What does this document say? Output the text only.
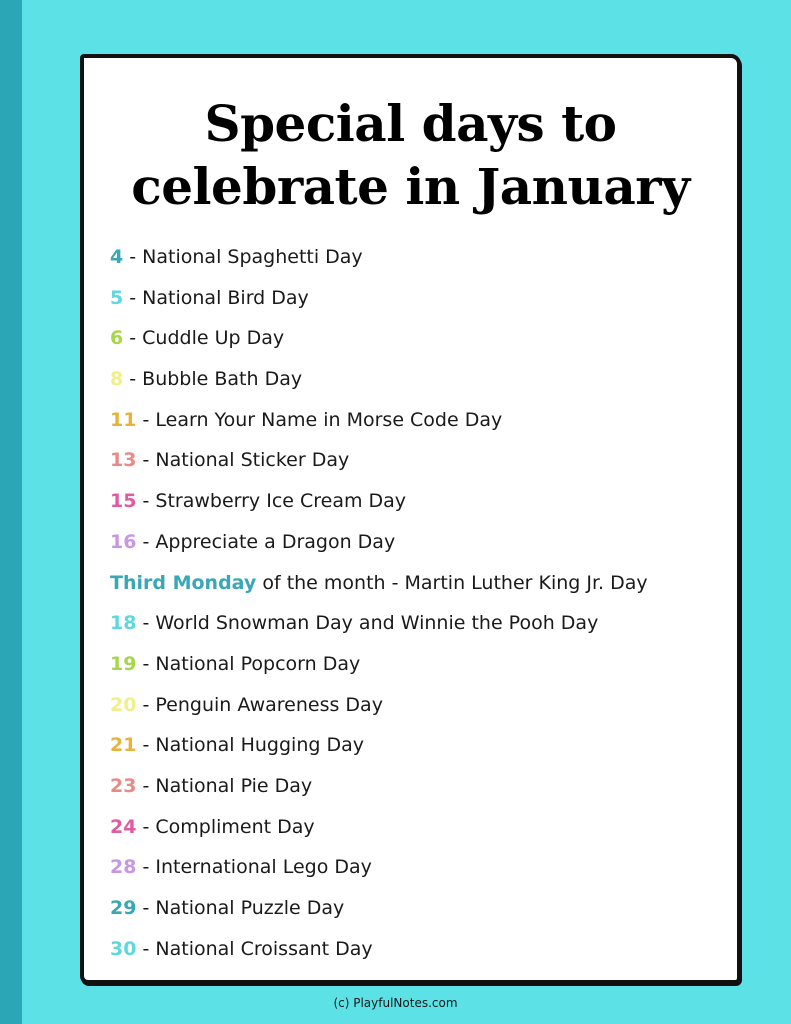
Special days to
celebrate in January
4 - National Spaghetti Day
5 - National Bird Day
6 - Cuddle Up Day
8 - Bubble Bath Day
11 - Learn Your Name in Morse Code Day
13 - National Sticker Day
15 - Strawberry Ice Cream Day
16 - Appreciate a Dragon Day
Third Monday of the month - Martin Luther King Jr. Day
18 - World Snowman Day and Winnie the Pooh Day
19 - National Popcorn Day
20 - Penguin Awareness Day
21 - National Hugging Day
23 - National Pie Day
24 - Compliment Day
28 - International Lego Day
29 - National Puzzle Day
30 - National Croissant Day
(c) PlayfulNotes.com
